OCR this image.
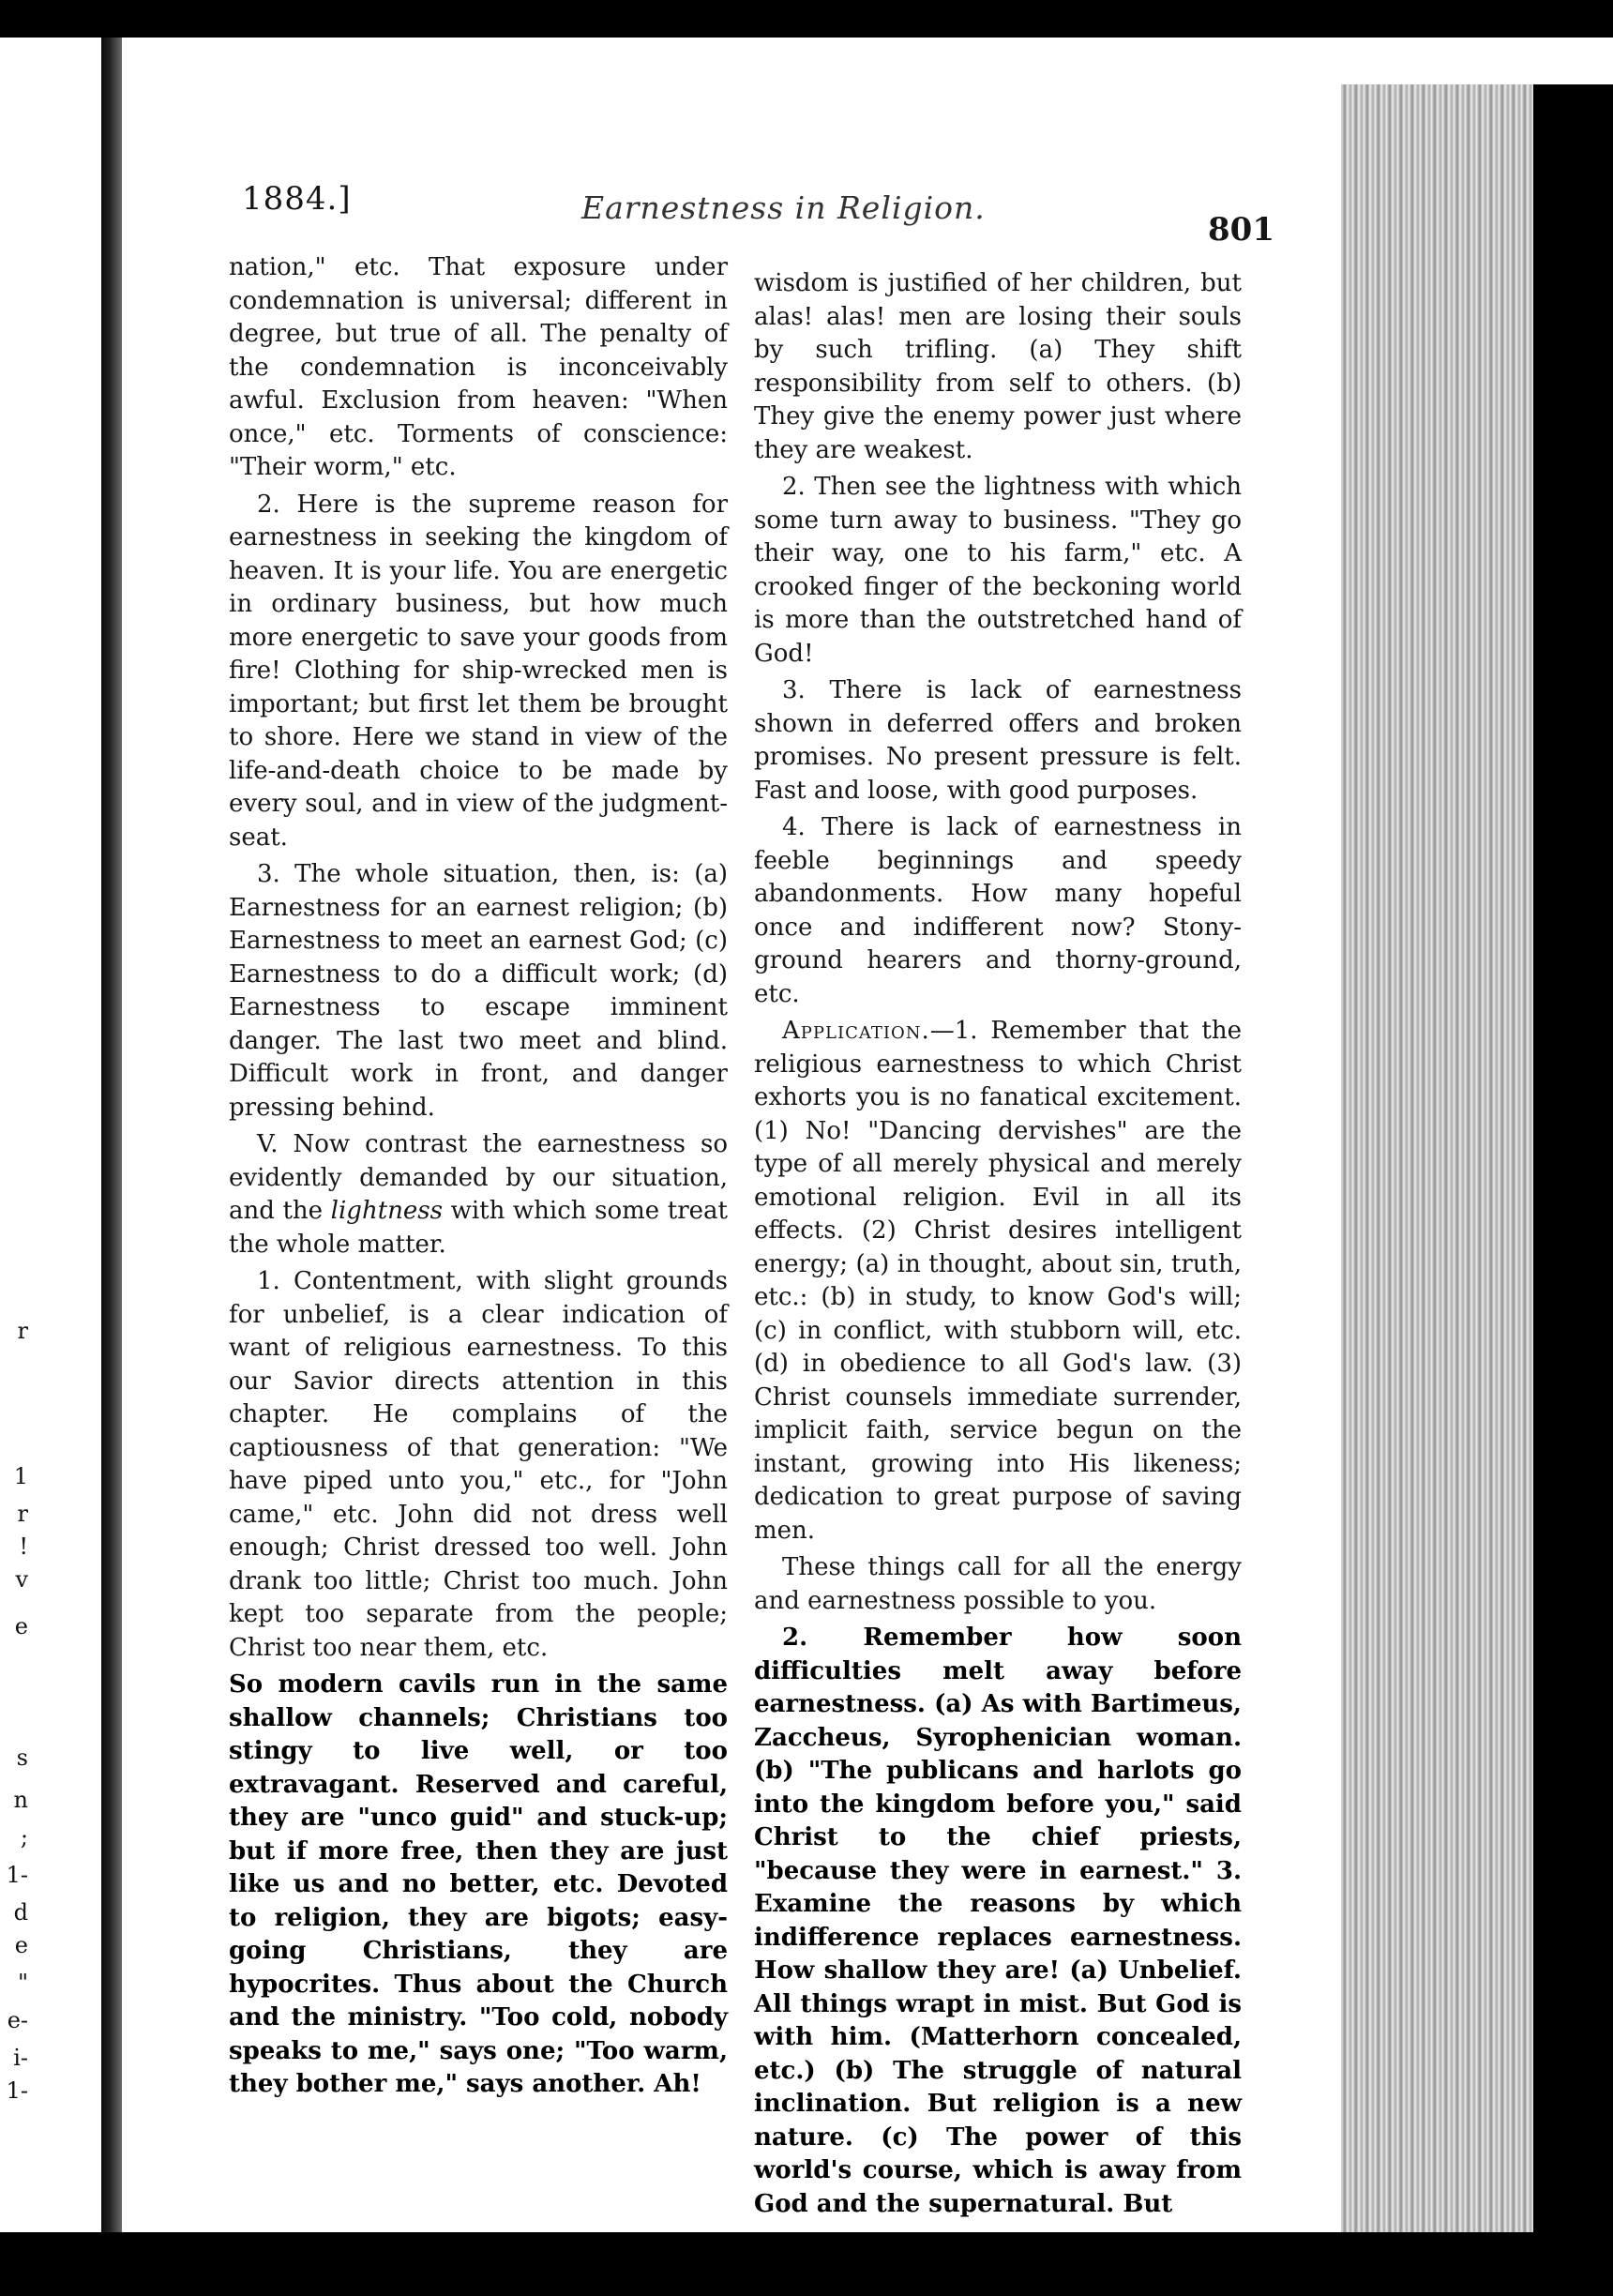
r
1
r
!
v
e
s
n
;
1-
d
e
"
e-
i-
1-
1884.]	Earnestness in Religion.
801

nation," etc. That exposure under condemnation is universal; different in degree, but true of all. The penalty of the condemnation is inconceivably awful. Exclusion from heaven: "When once," etc. Torments of conscience: "Their worm," etc.

2. Here is the supreme reason for earnestness in seeking the kingdom of heaven. It is your life. You are energetic in ordinary business, but how much more energetic to save your goods from fire! Clothing for ship-wrecked men is important; but first let them be brought to shore. Here we stand in view of the life-and-death choice to be made by every soul, and in view of the judgment-seat.

3. The whole situation, then, is: (a) Earnestness for an earnest religion; (b) Earnestness to meet an earnest God; (c) Earnestness to do a difficult work; (d) Earnestness to escape imminent danger. The last two meet and blind. Difficult work in front, and danger pressing behind.

V. Now contrast the earnestness so evidently demanded by our situation, and the lightness with which some treat the whole matter.

1. Contentment, with slight grounds for unbelief, is a clear indication of want of religious earnestness. To this our Savior directs attention in this chapter. He complains of the captiousness of that generation: "We have piped unto you," etc., for "John came," etc. John did not dress well enough; Christ dressed too well. John drank too little; Christ too much. John kept too separate from the people; Christ too near them, etc.

So modern cavils run in the same shallow channels; Christians too stingy to live well, or too extravagant. Reserved and careful, they are "unco guid" and stuck-up; but if more free, then they are just like us and no better, etc. Devoted to religion, they are bigots; easy-going Christians, they are hypocrites. Thus about the Church and the ministry. "Too cold, nobody speaks to me," says one; "Too warm, they bother me," says another. Ah!

wisdom is justified of her children, but alas! alas! men are losing their souls by such trifling. (a) They shift responsibility from self to others. (b) They give the enemy power just where they are weakest.

2. Then see the lightness with which some turn away to business. "They go their way, one to his farm," etc. A crooked finger of the beckoning world is more than the outstretched hand of God!

3. There is lack of earnestness shown in deferred offers and broken promises. No present pressure is felt. Fast and loose, with good purposes.

4. There is lack of earnestness in feeble beginnings and speedy abandonments. How many hopeful once and indifferent now? Stony-ground hearers and thorny-ground, etc.

Application.—1. Remember that the religious earnestness to which Christ exhorts you is no fanatical excitement. (1) No! "Dancing dervishes" are the type of all merely physical and merely emotional religion. Evil in all its effects. (2) Christ desires intelligent energy; (a) in thought, about sin, truth, etc.: (b) in study, to know God's will; (c) in conflict, with stubborn will, etc. (d) in obedience to all God's law. (3) Christ counsels immediate surrender, implicit faith, service begun on the instant, growing into His likeness; dedication to great purpose of saving men.

These things call for all the energy and earnestness possible to you.

2. Remember how soon difficulties melt away before earnestness. (a) As with Bartimeus, Zaccheus, Syrophenician woman. (b) "The publicans and harlots go into the kingdom before you," said Christ to the chief priests, "because they were in earnest." 3. Examine the reasons by which indifference replaces earnestness. How shallow they are! (a) Unbelief. All things wrapt in mist. But God is with him. (Matterhorn concealed, etc.) (b) The struggle of natural inclination. But religion is a new nature. (c) The power of this world's course, which is away from God and the supernatural. But
